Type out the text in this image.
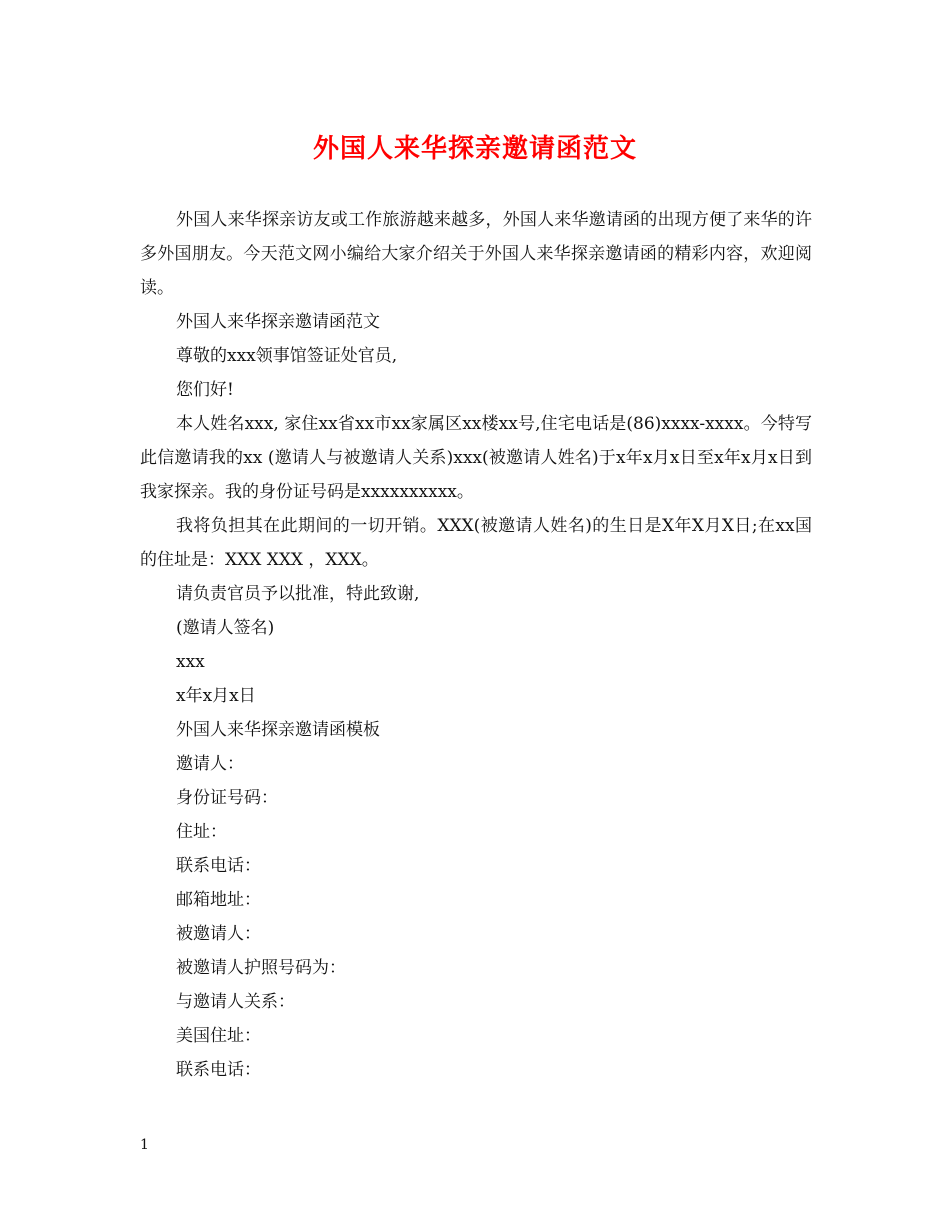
外国人来华探亲邀请函范文

外国人来华探亲访友或工作旅游越来越多，外国人来华邀请函的出现方便了来华的许多外国朋友。今天范文网小编给大家介绍关于外国人来华探亲邀请函的精彩内容，欢迎阅读。

外国人来华探亲邀请函范文

尊敬的xxx领事馆签证处官员,

您们好!

本人姓名xxx, 家住xx省xx市xx家属区xx楼xx号,住宅电话是(86)xxxx-xxxx。今特写此信邀请我的xx (邀请人与被邀请人关系)xxx(被邀请人姓名)于x年x月x日至x年x月x日到我家探亲。我的身份证号码是xxxxxxxxxx。

我将负担其在此期间的一切开销。XXX(被邀请人姓名)的生日是X年X月X日;在xx国的住址是：XXX XXX ，XXX。

请负责官员予以批准，特此致谢,

(邀请人签名)

xxx

x年x月x日

外国人来华探亲邀请函模板

邀请人：

身份证号码：

住址：

联系电话：

邮箱地址：

被邀请人：

被邀请人护照号码为：

与邀请人关系：

美国住址：

联系电话：

1
